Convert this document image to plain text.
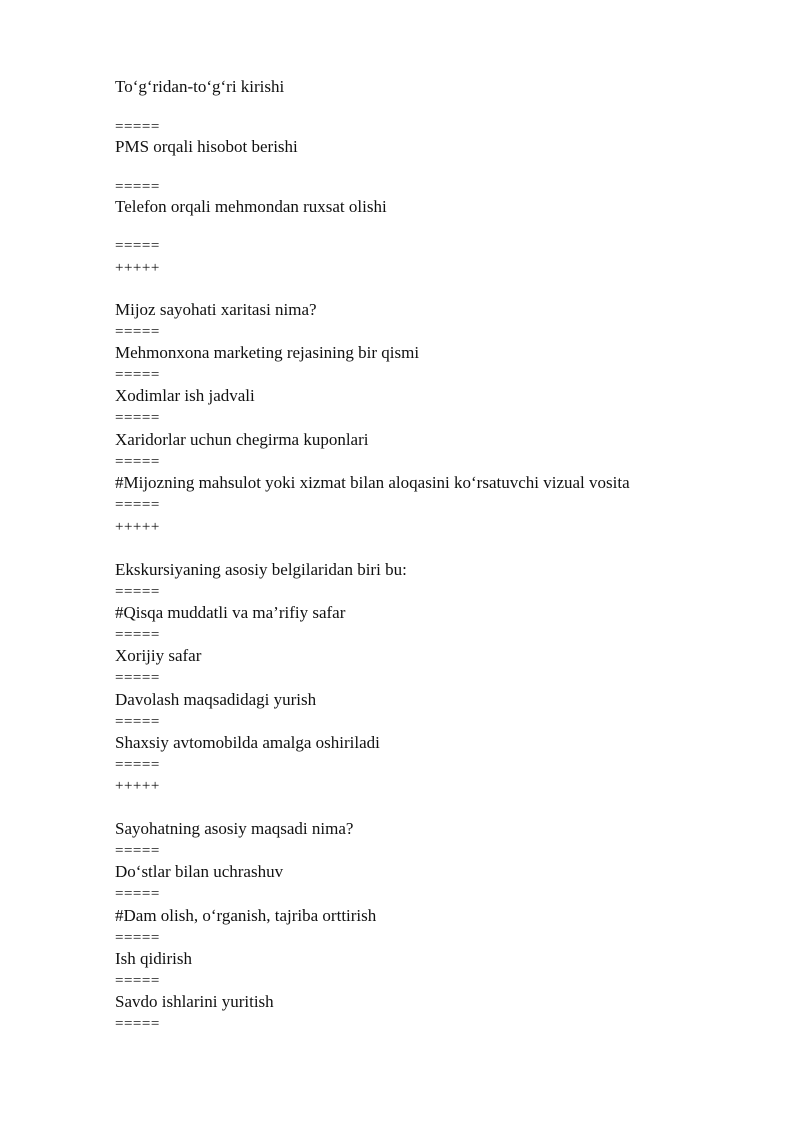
To‘g‘ridan-to‘g‘ri kirishi

=====

PMS orqali hisobot berishi

=====

Telefon orqali mehmondan ruxsat olishi

=====

+++++

Mijoz sayohati xaritasi nima?

=====

Mehmonxona marketing rejasining bir qismi

=====

Xodimlar ish jadvali

=====

Xaridorlar uchun chegirma kuponlari

=====

#Mijozning mahsulot yoki xizmat bilan aloqasini ko‘rsatuvchi vizual vosita

=====

+++++

Ekskursiyaning asosiy belgilaridan biri bu:

=====

#Qisqa muddatli va ma’rifiy safar

=====

Xorijiy safar

=====

Davolash maqsadidagi yurish

=====

Shaxsiy avtomobilda amalga oshiriladi

=====

+++++

Sayohatning asosiy maqsadi nima?

=====

Do‘stlar bilan uchrashuv

=====

#Dam olish, o‘rganish, tajriba orttirish

=====

Ish qidirish

=====

Savdo ishlarini yuritish

=====
